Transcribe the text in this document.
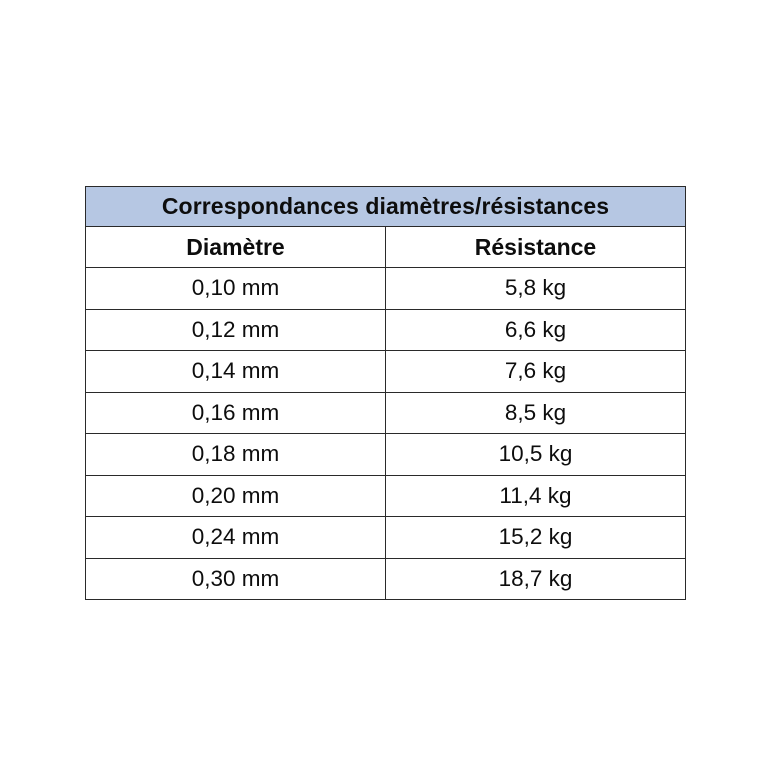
Correspondances diamètres/résistances	
Diamètre	Résistance
0,10 mm	5,8 kg
0,12 mm	6,6 kg
0,14 mm	7,6 kg
0,16 mm	8,5 kg
0,18 mm	10,5 kg
0,20 mm	11,4 kg
0,24 mm	15,2 kg
0,30 mm	18,7 kg
